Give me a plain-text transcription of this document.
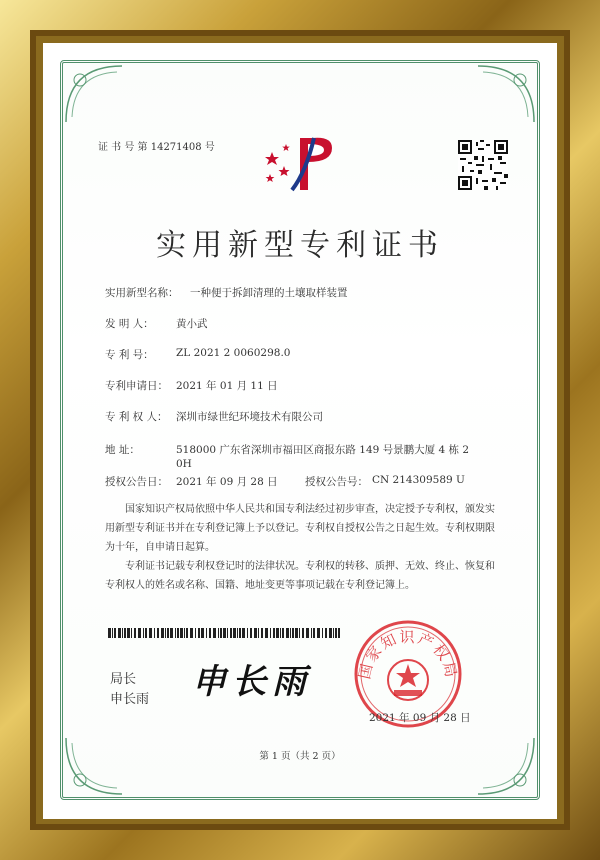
证 书 号 第 14271408 号
实用新型专利证书
实用新型名称： 一种便于拆卸清理的土壤取样装置
发 明 人： 黄小武
专 利 号： ZL 2021 2 0060298.0
专利申请日： 2021 年 01 月 11 日
专 利 权 人： 深圳市绿世纪环境技术有限公司
地 址：	518000 广东省深圳市福田区商报东路 149 号景鹏大厦 4 栋 2
0H
授权公告日： 2021 年 09 月 28 日	授权公告号： CN 214309589 U
国家知识产权局依照中华人民共和国专利法经过初步审查，决定授予专利权，颁发实用新型专利证书并在专利登记簿上予以登记。专利权自授权公告之日起生效。专利权期限为十年，自申请日起算。
专利证书记载专利权登记时的法律状况。专利权的转移、质押、无效、终止、恢复和专利权人的姓名或名称、国籍、地址变更等事项记载在专利登记簿上。
局长
申长雨 申长雨	国家知识产权局
2021 年 09 月 28 日
第 1 页（共 2 页）
